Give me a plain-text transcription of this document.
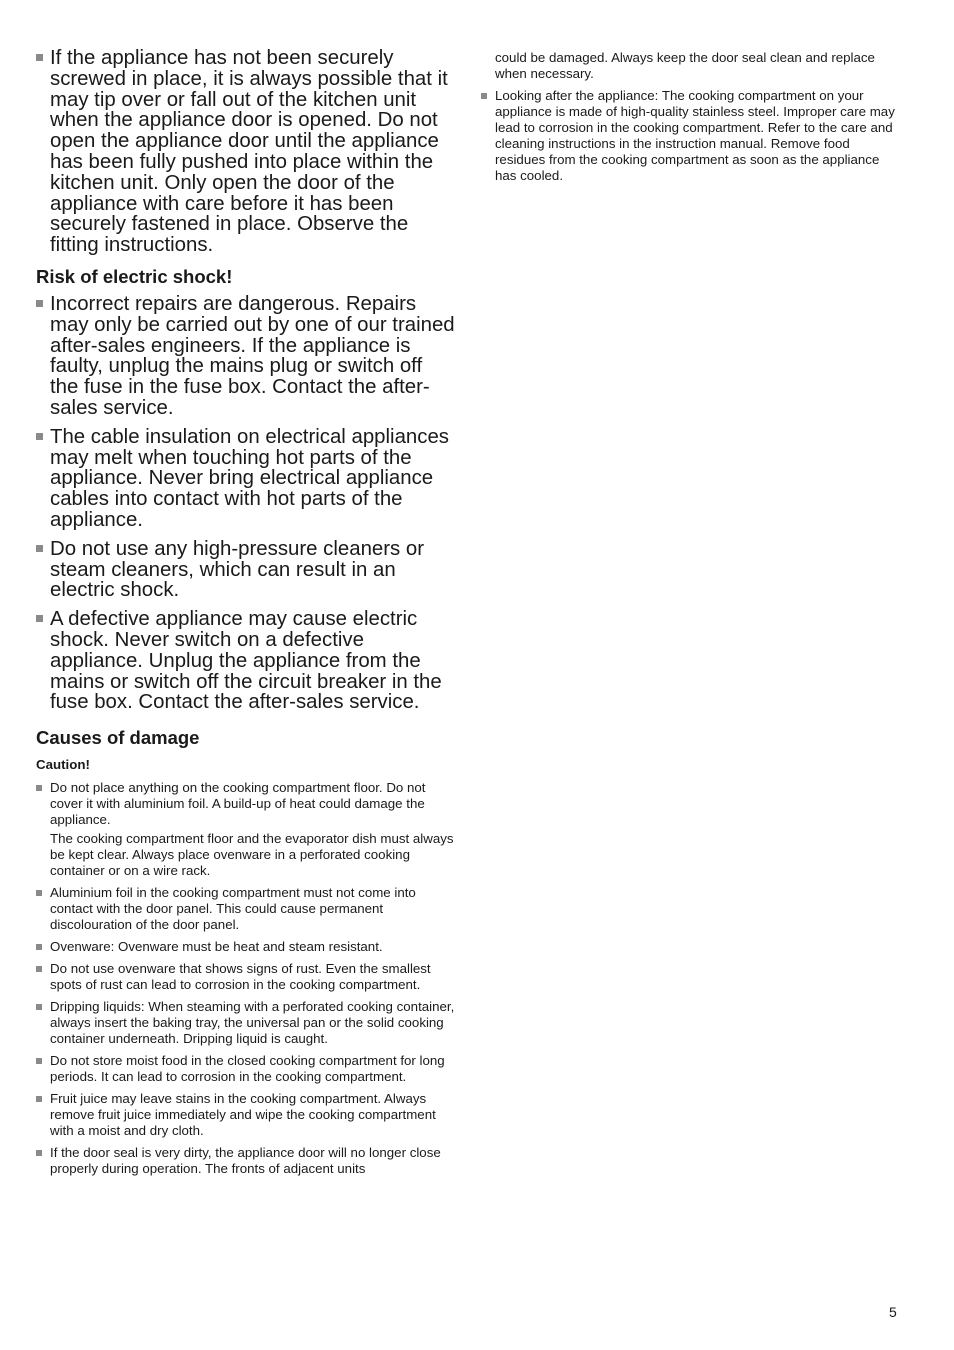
If the appliance has not been securely screwed in place, it is always possible that it may tip over or fall out of the kitchen unit when the appliance door is opened. Do not open the appliance door until the appliance has been fully pushed into place within the kitchen unit. Only open the door of the appliance with care before it has been securely fastened in place. Observe the fitting instructions.

Risk of electric shock!

Incorrect repairs are dangerous. Repairs may only be carried out by one of our trained after-sales engineers. If the appliance is faulty, unplug the mains plug or switch off the fuse in the fuse box. Contact the after-sales service.

The cable insulation on electrical appliances may melt when touching hot parts of the appliance. Never bring electrical appliance cables into contact with hot parts of the appliance.

Do not use any high-pressure cleaners or steam cleaners, which can result in an electric shock.

A defective appliance may cause electric shock. Never switch on a defective appliance. Unplug the appliance from the mains or switch off the circuit breaker in the fuse box. Contact the after-sales service.

Causes of damage
Caution!

Do not place anything on the cooking compartment floor. Do not cover it with aluminium foil. A build-up of heat could damage the appliance.

The cooking compartment floor and the evaporator dish must always be kept clear. Always place ovenware in a perforated cooking container or on a wire rack.

Aluminium foil in the cooking compartment must not come into contact with the door panel. This could cause permanent discolouration of the door panel.

Ovenware: Ovenware must be heat and steam resistant.

Do not use ovenware that shows signs of rust. Even the smallest spots of rust can lead to corrosion in the cooking compartment.

Dripping liquids: When steaming with a perforated cooking container, always insert the baking tray, the universal pan or the solid cooking container underneath. Dripping liquid is caught.

Do not store moist food in the closed cooking compartment for long periods. It can lead to corrosion in the cooking compartment.

Fruit juice may leave stains in the cooking compartment. Always remove fruit juice immediately and wipe the cooking compartment with a moist and dry cloth.

If the door seal is very dirty, the appliance door will no longer close properly during operation. The fronts of adjacent units

could be damaged. Always keep the door seal clean and replace when necessary.

Looking after the appliance: The cooking compartment on your appliance is made of high-quality stainless steel. Improper care may lead to corrosion in the cooking compartment. Refer to the care and cleaning instructions in the instruction manual. Remove food residues from the cooking compartment as soon as the appliance has cooled.

5
